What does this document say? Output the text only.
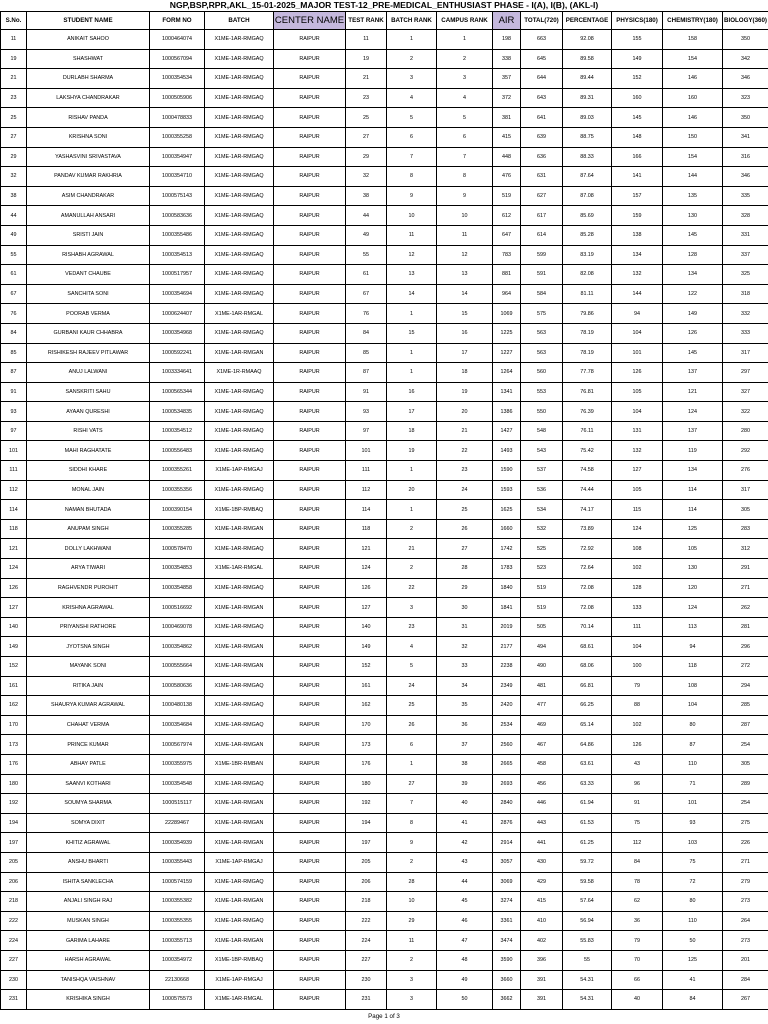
NGP,BSP,RPR,AKL_15-01-2025_MAJOR TEST-12_PRE-MEDICAL_ENTHUSIAST PHASE - I(A), I(B), (AKL-I)
S.No.	STUDENT NAME	FORM NO	BATCH	CENTER NAME	TEST RANK	BATCH RANK	CAMPUS RANK	AIR	TOTAL(720)	PERCENTAGE	PHYSICS(180)	CHEMISTRY(180)	BIOLOGY(360)
11	ANIKAIT SAHOO	1000464074	X1ME-1AR-RMGAQ	RAIPUR	11	1	1	198	663	92.08	155	158	350
19	SHASHWAT	1000567094	X1ME-1AR-RMGAQ	RAIPUR	19	2	2	338	645	89.58	149	154	342
21	DURLABH SHARMA	1000354534	X1ME-1AR-RMGAQ	RAIPUR	21	3	3	357	644	89.44	152	146	346
23	LAKSHYA CHANDRAKAR	1000505906	X1ME-1AR-RMGAQ	RAIPUR	23	4	4	372	643	89.31	160	160	323
25	RISHAV PANDA	1000478833	X1ME-1AR-RMGAQ	RAIPUR	25	5	5	381	641	89.03	145	146	350
27	KRISHNA SONI	1000355258	X1ME-1AR-RMGAQ	RAIPUR	27	6	6	415	639	88.75	148	150	341
29	YASHASVINI SRIVASTAVA	1000354947	X1ME-1AR-RMGAQ	RAIPUR	29	7	7	448	636	88.33	166	154	316
32	PANDAV KUMAR RAKHRIA	1000354710	X1ME-1AR-RMGAQ	RAIPUR	32	8	8	476	631	87.64	141	144	346
38	ASIM CHANDRAKAR	1000575143	X1ME-1AR-RMGAQ	RAIPUR	38	9	9	519	627	87.08	157	135	335
44	AMANULLAH ANSARI	1000583636	X1ME-1AR-RMGAQ	RAIPUR	44	10	10	612	617	85.69	159	130	328
49	SRISTI JAIN	1000355486	X1ME-1AR-RMGAQ	RAIPUR	49	11	11	647	614	85.28	138	145	331
55	RISHABH AGRAWAL	1000354513	X1ME-1AR-RMGAQ	RAIPUR	55	12	12	783	599	83.19	134	128	337
61	VEDANT CHAUBE	1000517957	X1ME-1AR-RMGAQ	RAIPUR	61	13	13	881	591	82.08	132	134	325
67	SANCHITA SONI	1000354694	X1ME-1AR-RMGAQ	RAIPUR	67	14	14	964	584	81.11	144	122	318
76	POORAB VERMA	1000624407	X1ME-1AR-RMGAL	RAIPUR	76	1	15	1069	575	79.86	94	149	332
84	GURBANI KAUR CHHABRA	1000354968	X1ME-1AR-RMGAQ	RAIPUR	84	15	16	1225	563	78.19	104	126	333
85	RISHIKESH RAJEEV PITLAWAR	1000592241	X1ME-1AR-RMGAN	RAIPUR	85	1	17	1227	563	78.19	101	145	317
87	ANUJ LALWANI	1003334641	X1ME-1R-RMAAQ	RAIPUR	87	1	18	1264	560	77.78	126	137	297
91	SANSKRITI SAHU	1000565344	X1ME-1AR-RMGAQ	RAIPUR	91	16	19	1341	553	76.81	105	121	327
93	AYAAN QURESHI	1000534835	X1ME-1AR-RMGAQ	RAIPUR	93	17	20	1386	550	76.39	104	124	322
97	RISHI VATS	1000354512	X1ME-1AR-RMGAQ	RAIPUR	97	18	21	1427	548	76.11	131	137	280
101	MAHI RAGHATATE	1000556483	X1ME-1AR-RMGAQ	RAIPUR	101	19	22	1493	543	75.42	132	119	292
111	SIDDHI KHARE	1000355261	X1ME-1AP-RMGAJ	RAIPUR	111	1	23	1590	537	74.58	127	134	276
112	MONAL JAIN	1000355356	X1ME-1AR-RMGAQ	RAIPUR	112	20	24	1593	536	74.44	105	114	317
114	NAMAN BHUTADA	1000390154	X1ME-1BP-RMBAQ	RAIPUR	114	1	25	1625	534	74.17	115	114	305
118	ANUPAM SINGH	1000355285	X1ME-1AR-RMGAN	RAIPUR	118	2	26	1660	532	73.89	124	125	283
121	DOLLY LAKHWANI	1000578470	X1ME-1AR-RMGAQ	RAIPUR	121	21	27	1742	525	72.92	108	105	312
124	ARYA TIWARI	1000354853	X1ME-1AR-RMGAL	RAIPUR	124	2	28	1783	523	72.64	102	130	291
126	RAGHVENDR PUROHIT	1000354858	X1ME-1AR-RMGAQ	RAIPUR	126	22	29	1840	519	72.08	128	120	271
127	KRISHNA AGRAWAL	1000516692	X1ME-1AR-RMGAN	RAIPUR	127	3	30	1841	519	72.08	133	124	262
140	PRIYANSHI RATHORE	1000469078	X1ME-1AR-RMGAQ	RAIPUR	140	23	31	2019	505	70.14	111	113	281
149	JYOTSNA SINGH	1000354862	X1ME-1AR-RMGAN	RAIPUR	149	4	32	2177	494	68.61	104	94	296
152	MAYANK SONI	1000555664	X1ME-1AR-RMGAN	RAIPUR	152	5	33	2238	490	68.06	100	118	272
161	RITIKA JAIN	1000580636	X1ME-1AR-RMGAQ	RAIPUR	161	24	34	2349	481	66.81	79	108	294
162	SHAURYA KUMAR AGRAWAL	1000480138	X1ME-1AR-RMGAQ	RAIPUR	162	25	35	2420	477	66.25	88	104	285
170	CHAHAT VERMA	1000354684	X1ME-1AR-RMGAQ	RAIPUR	170	26	36	2534	469	65.14	102	80	287
173	PRINCE KUMAR	1000567974	X1ME-1AR-RMGAN	RAIPUR	173	6	37	2560	467	64.86	126	87	254
176	ABHAY PATLE	1000355975	X1ME-1BR-RMBAN	RAIPUR	176	1	38	2665	458	63.61	43	110	305
180	SAANVI KOTHARI	1000354548	X1ME-1AR-RMGAQ	RAIPUR	180	27	39	2693	456	63.33	96	71	289
192	SOUMYA SHARMA	1000515117	X1ME-1AR-RMGAN	RAIPUR	192	7	40	2840	446	61.94	91	101	254
194	SOMYA DIXIT	22289467	X1ME-1AR-RMGAN	RAIPUR	194	8	41	2876	443	61.53	75	93	275
197	KHITIZ AGRAWAL	1000354939	X1ME-1AR-RMGAN	RAIPUR	197	9	42	2914	441	61.25	112	103	226
205	ANSHU BHARTI	1000355443	X1ME-1AP-RMGAJ	RAIPUR	205	2	43	3057	430	59.72	84	75	271
206	ISHITA SANKLECHA	1000574159	X1ME-1AR-RMGAQ	RAIPUR	206	28	44	3069	429	59.58	78	72	279
218	ANJALI SINGH RAJ	1000355382	X1ME-1AR-RMGAN	RAIPUR	218	10	45	3274	415	57.64	62	80	273
222	MUSKAN SINGH	1000355355	X1ME-1AR-RMGAQ	RAIPUR	222	29	46	3361	410	56.94	36	110	264
224	GARIMA LAHARE	1000355713	X1ME-1AR-RMGAN	RAIPUR	224	11	47	3474	402	55.83	79	50	273
227	HARSH AGRAWAL	1000354972	X1ME-1BP-RMBAQ	RAIPUR	227	2	48	3590	396	55	70	125	201
230	TANISHQA VAISHNAV	22130668	X1ME-1AP-RMGAJ	RAIPUR	230	3	49	3660	391	54.31	66	41	284
231	KRISHIKA SINGH	1000575573	X1ME-1AR-RMGAL	RAIPUR	231	3	50	3662	391	54.31	40	84	267
Page 1 of 3
